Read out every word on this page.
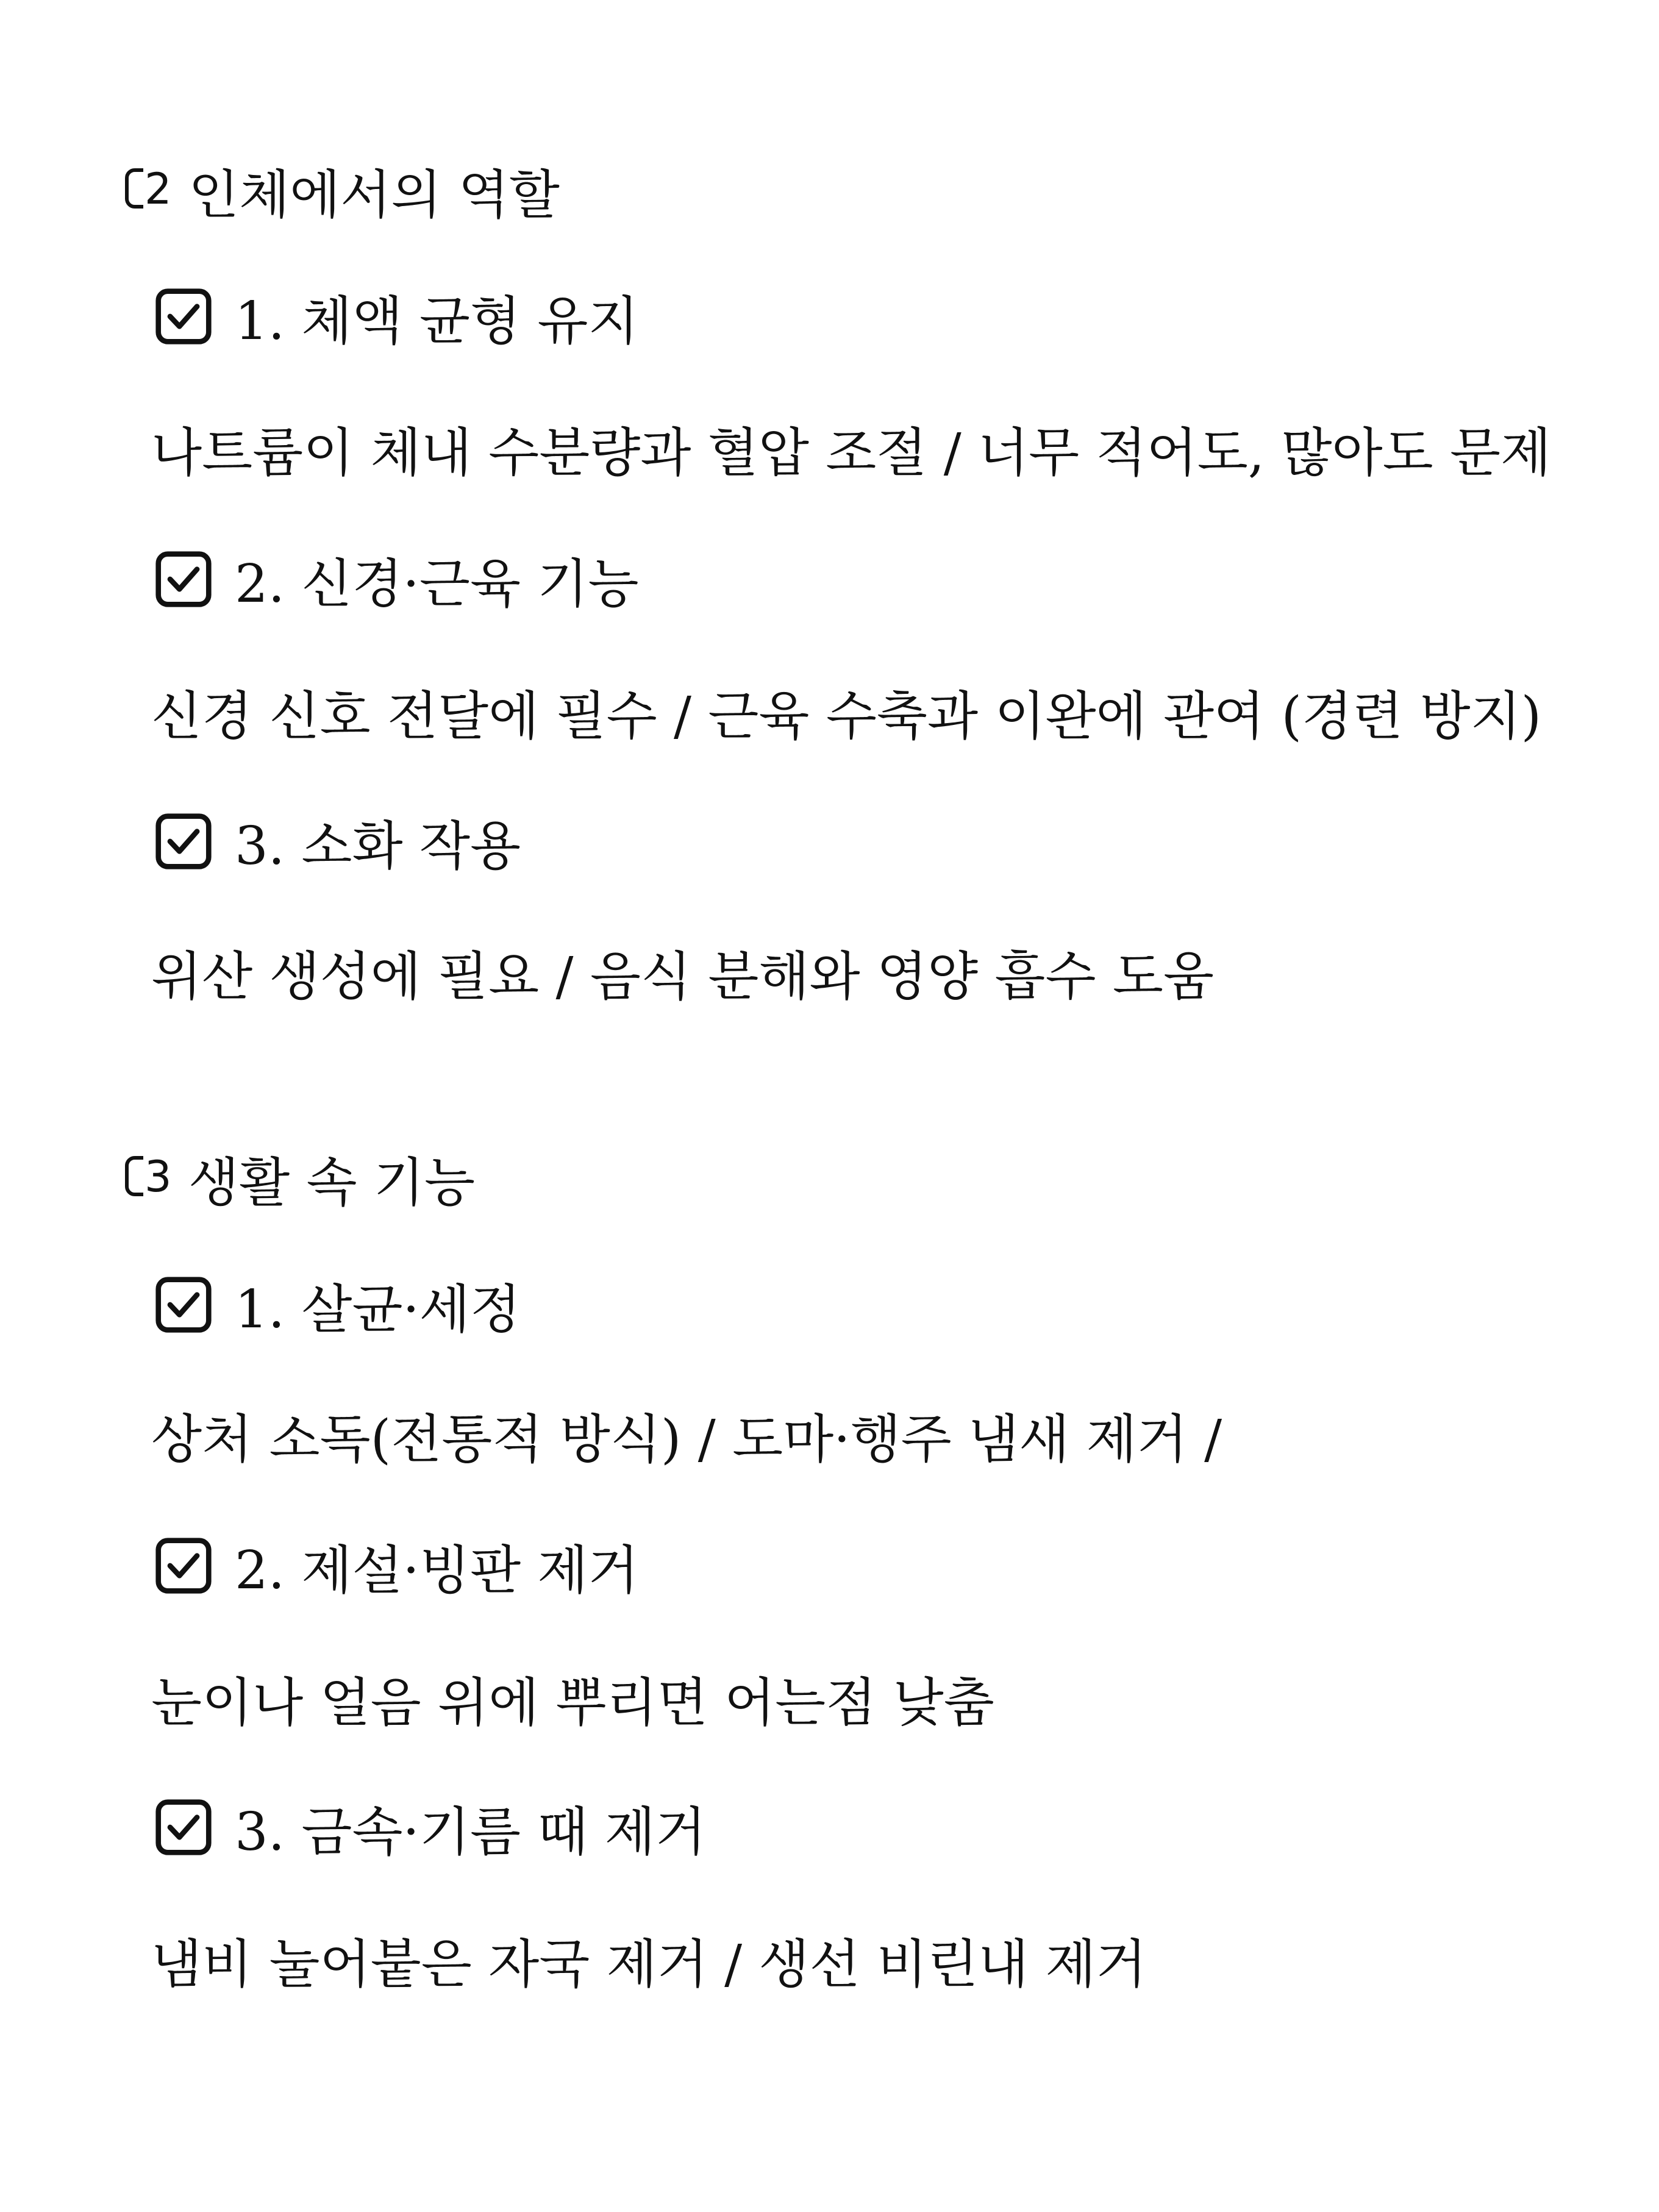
2 인체에서의 역할
1. 체액 균형 유지
나트륨이 체내 수분량과 혈압 조절 / 너무 적어도, 많아도 문제
2. 신경·근육 기능
신경 신호 전달에 필수 / 근육 수축과 이완에 관여 (경련 방지)
3. 소화 작용
위산 생성에 필요 / 음식 분해와 영양 흡수 도움
3 생활 속 기능
1. 살균·세정
상처 소독(전통적 방식) / 도마·행주 냄새 제거 /
2. 제설·빙판 제거
눈이나 얼음 위에 뿌리면 어는점 낮춤
3. 금속·기름 때 제거
냄비 눌어붙은 자국 제거 / 생선 비린내 제거
